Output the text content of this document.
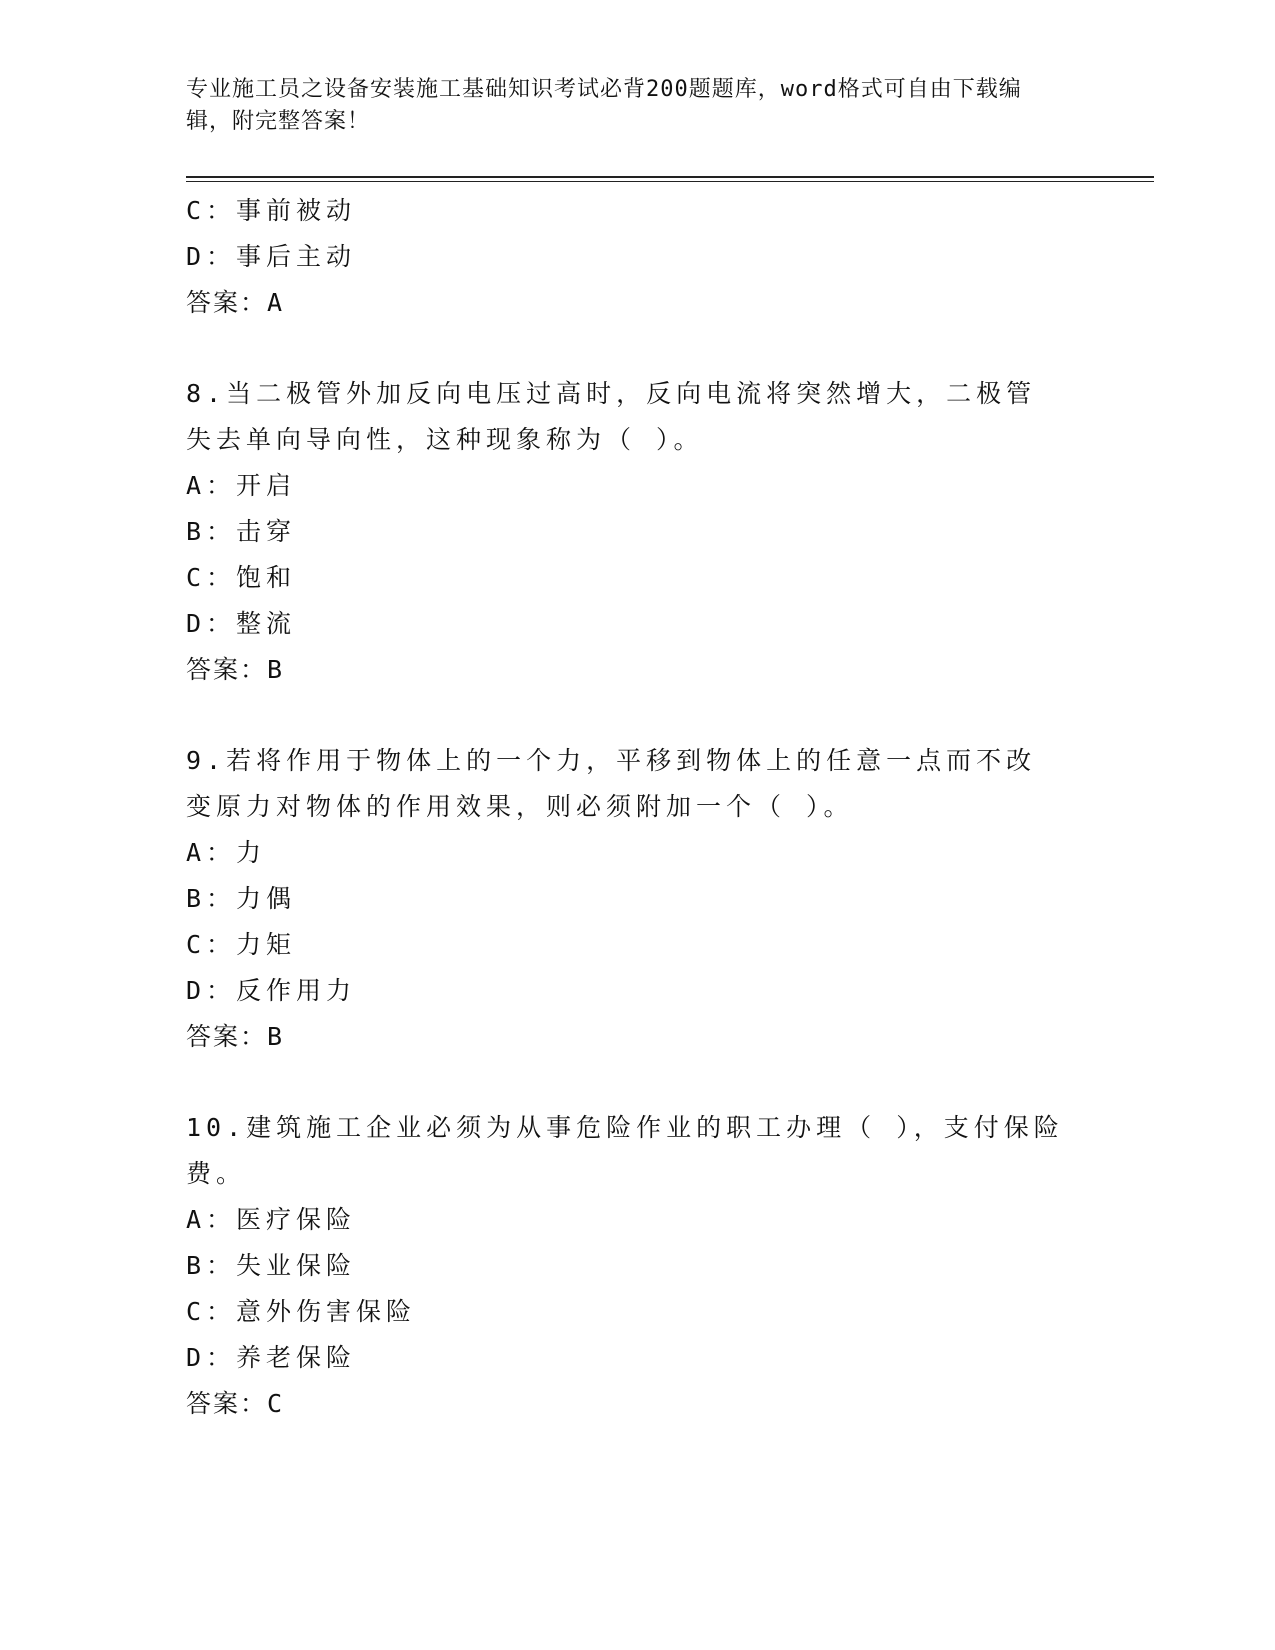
专业施工员之设备安装施工基础知识考试必背200题题库，word格式可自由下载编辑，附完整答案！
C：事前被动
D：事后主动
答案：A
8.当二极管外加反向电压过高时，反向电流将突然增大，二极管失去单向导向性，这种现象称为（ ）。
A：开启
B：击穿
C：饱和
D：整流
答案：B
9.若将作用于物体上的一个力，平移到物体上的任意一点而不改变原力对物体的作用效果，则必须附加一个（ ）。
A：力
B：力偶
C：力矩
D：反作用力
答案：B
10.建筑施工企业必须为从事危险作业的职工办理（ ），支付保险费。
A：医疗保险
B：失业保险
C：意外伤害保险
D：养老保险
答案：C
